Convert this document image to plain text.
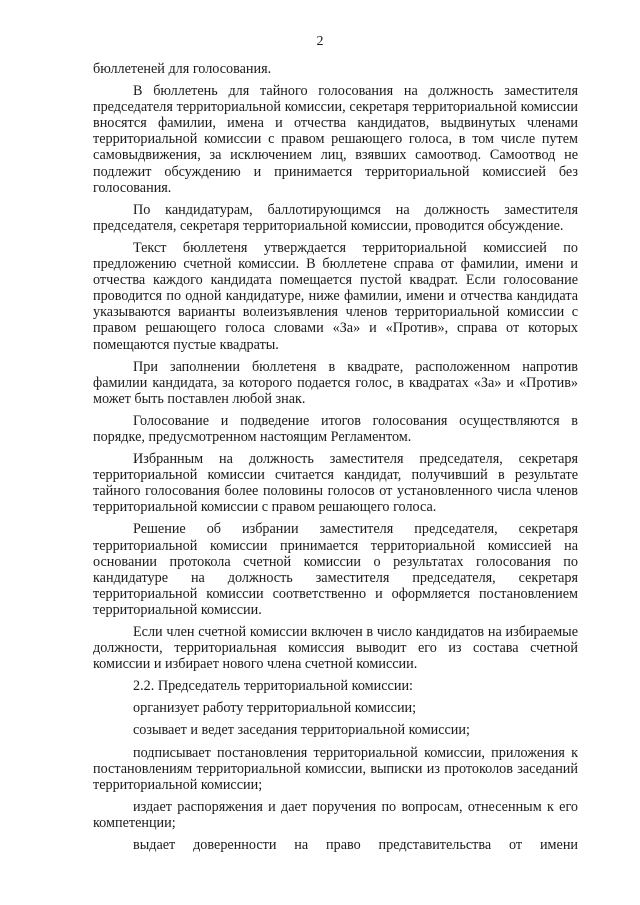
2

бюллетеней для голосования.

В бюллетень для тайного голосования на должность заместителя председателя территориальной комиссии, секретаря территориальной комиссии вносятся фамилии, имена и отчества кандидатов, выдвинутых членами территориальной комиссии с правом решающего голоса, в том числе путем самовыдвижения, за исключением лиц, взявших самоотвод. Самоотвод не подлежит обсуждению и принимается территориальной комиссией без голосования.

По кандидатурам, баллотирующимся на должность заместителя председателя, секретаря территориальной комиссии, проводится обсуждение.

Текст бюллетеня утверждается территориальной комиссией по предложению счетной комиссии. В бюллетене справа от фамилии, имени и отчества каждого кандидата помещается пустой квадрат. Если голосование проводится по одной кандидатуре, ниже фамилии, имени и отчества кандидата указываются варианты волеизъявления членов территориальной комиссии с правом решающего голоса словами «За» и «Против», справа от которых помещаются пустые квадраты.

При заполнении бюллетеня в квадрате, расположенном напротив фамилии кандидата, за которого подается голос, в квадратах «За» и «Против» может быть поставлен любой знак.

Голосование и подведение итогов голосования осуществляются в порядке, предусмотренном настоящим Регламентом.

Избранным на должность заместителя председателя, секретаря территориальной комиссии считается кандидат, получивший в результате тайного голосования более половины голосов от установленного числа членов территориальной комиссии с правом решающего голоса.

Решение об избрании заместителя председателя, секретаря территориальной комиссии принимается территориальной комиссией на основании протокола счетной комиссии о результатах голосования по кандидатуре на должность заместителя председателя, секретаря территориальной комиссии соответственно и оформляется постановлением территориальной комиссии.

Если член счетной комиссии включен в число кандидатов на избираемые должности, территориальная комиссия выводит его из состава счетной комиссии и избирает нового члена счетной комиссии.

2.2. Председатель территориальной комиссии:

организует работу территориальной комиссии;

созывает и ведет заседания территориальной комиссии;

подписывает постановления территориальной комиссии, приложения к постановлениям территориальной комиссии, выписки из протоколов заседаний территориальной комиссии;

издает распоряжения и дает поручения по вопросам, отнесенным к его компетенции;

выдает доверенности на право представительства от имени
